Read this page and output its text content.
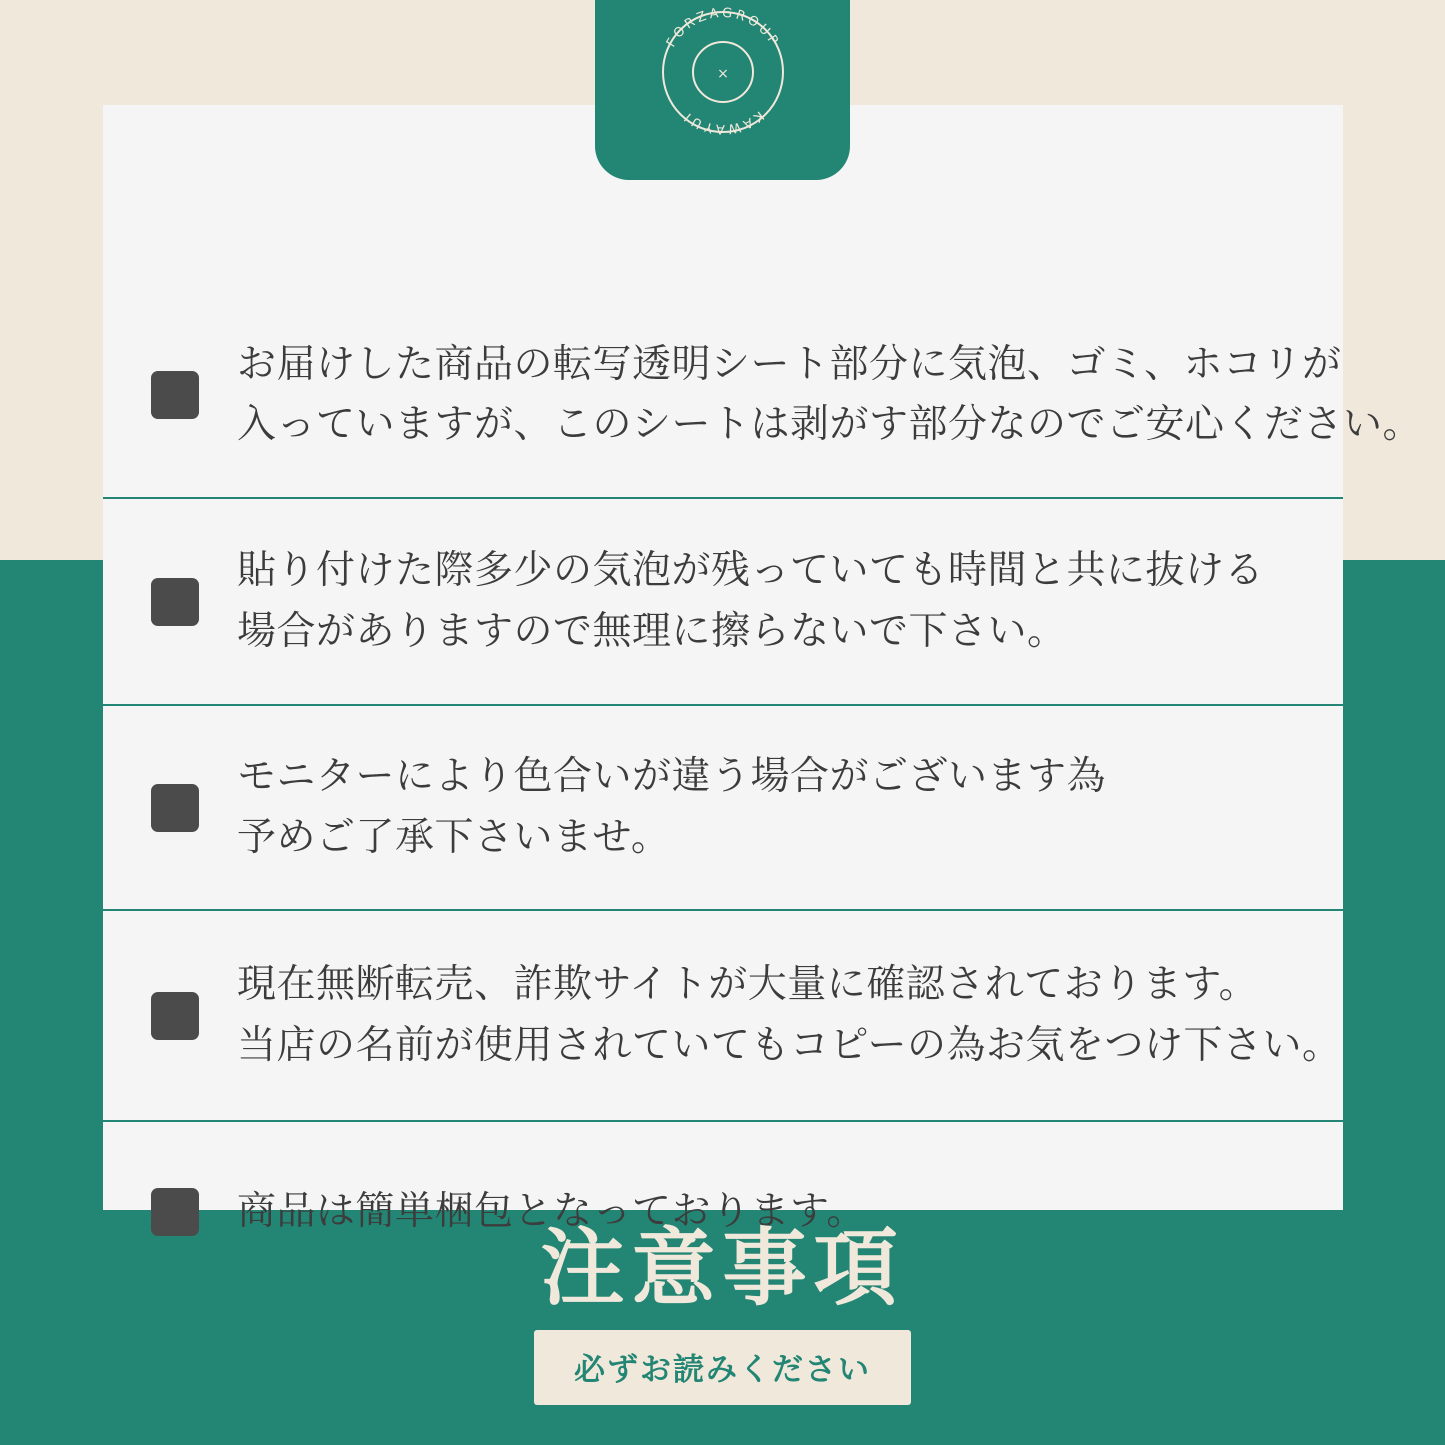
お届けした商品の転写透明シート部分に気泡、ゴミ、ホコリが
入っていますが、このシートは剥がす部分なのでご安心ください。
貼り付けた際多少の気泡が残っていても時間と共に抜ける
場合がありますので無理に擦らないで下さい。
モニターにより色合いが違う場合がございます為
予めご了承下さいませ。
現在無断転売、詐欺サイトが大量に確認されております。
当店の名前が使用されていてもコピーの為お気をつけ下さい。
商品は簡単梱包となっております。
FORZAGROUP
KAWAYUI
×
注意事項
必ずお読みください
